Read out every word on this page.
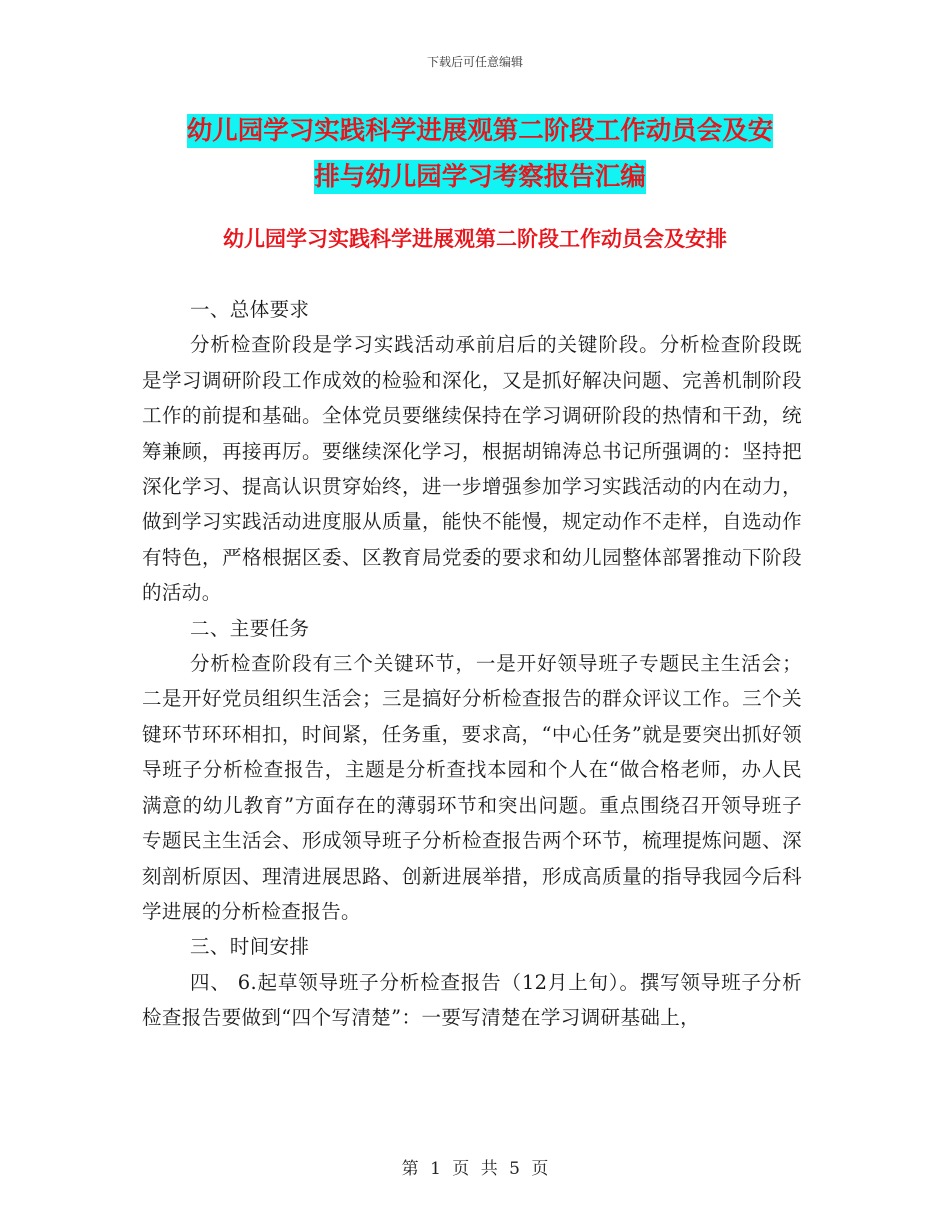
下载后可任意编辑
幼儿园学习实践科学进展观第二阶段工作动员会及安
排与幼儿园学习考察报告汇编
幼儿园学习实践科学进展观第二阶段工作动员会及安排

一、总体要求

分析检查阶段是学习实践活动承前启后的关键阶段。分析检查阶段既是学习调研阶段工作成效的检验和深化，又是抓好解决问题、完善机制阶段工作的前提和基础。全体党员要继续保持在学习调研阶段的热情和干劲，统筹兼顾，再接再厉。要继续深化学习，根据胡锦涛总书记所强调的：坚持把深化学习、提高认识贯穿始终，进一步增强参加学习实践活动的内在动力，做到学习实践活动进度服从质量，能快不能慢，规定动作不走样，自选动作有特色，严格根据区委、区教育局党委的要求和幼儿园整体部署推动下阶段的活动。

二、主要任务

分析检查阶段有三个关键环节，一是开好领导班子专题民主生活会；二是开好党员组织生活会；三是搞好分析检查报告的群众评议工作。三个关键环节环环相扣，时间紧，任务重，要求高，“中心任务”就是要突出抓好领导班子分析检查报告，主题是分析查找本园和个人在“做合格老师，办人民满意的幼儿教育”方面存在的薄弱环节和突出问题。重点围绕召开领导班子专题民主生活会、形成领导班子分析检查报告两个环节，梳理提炼问题、深刻剖析原因、理清进展思路、创新进展举措，形成高质量的指导我园今后科学进展的分析检查报告。

三、时间安排

四、 6.起草领导班子分析检查报告（12月上旬）。撰写领导班子分析检查报告要做到“四个写清楚”：一要写清楚在学习调研基础上，

第 1 页 共 5 页
